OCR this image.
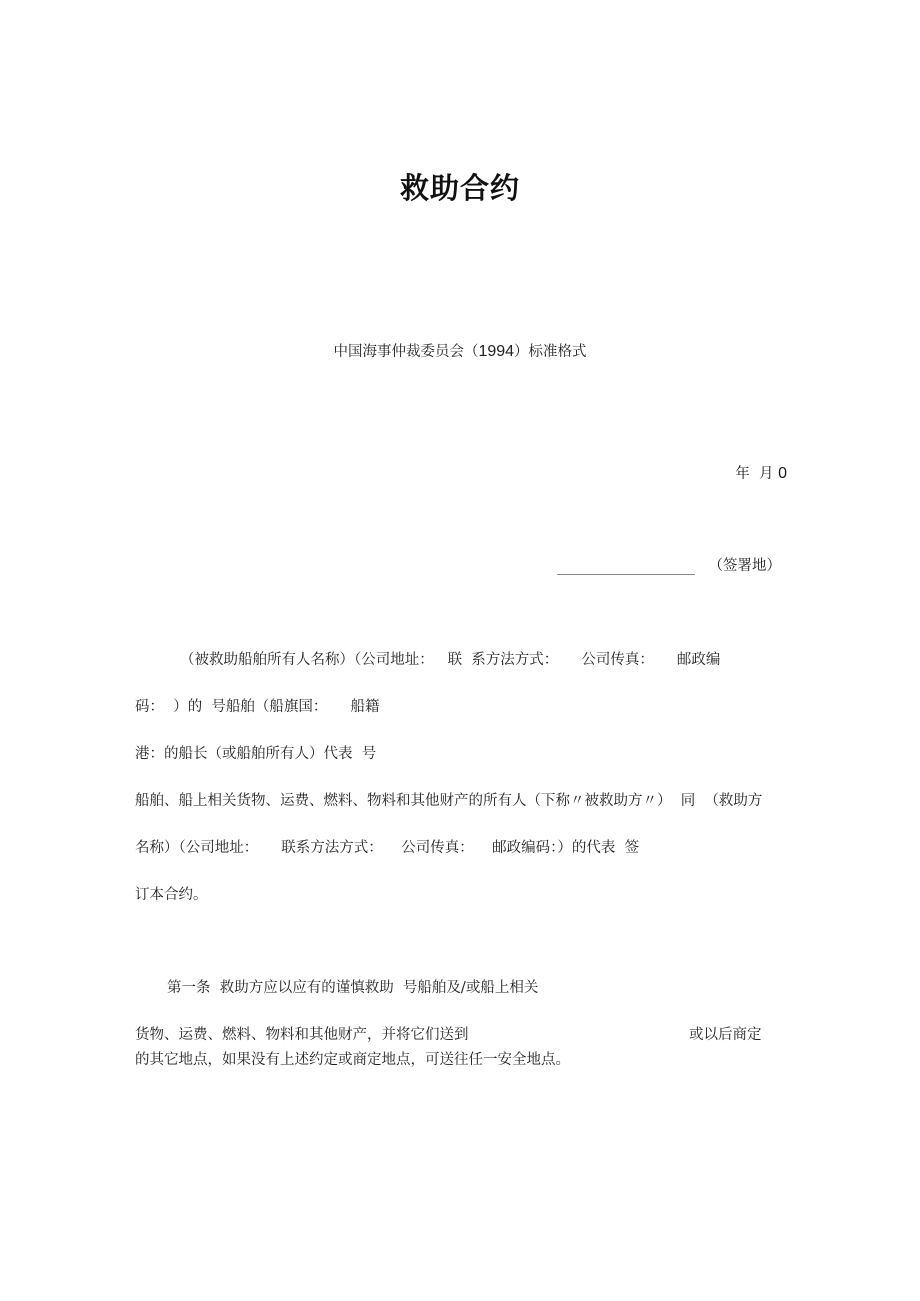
救助合约
中国海事仲裁委员会（1994）标准格式
年  月 0
（签署地）
（被救助船舶所有人名称）（公司地址：   联  系方法方式：     公司传真：     邮政编
码：  ）的  号船舶（船旗国：     船籍
港：的船长（或船舶所有人）代表  号
船舶、船上相关货物、运费、燃料、物料和其他财产的所有人（下称〃被救助方〃）  同  （救助方
名称）（公司地址：     联系方法方式：    公司传真：    邮政编码：）的代表  签
订本合约。
第一条  救助方应以应有的谨慎救助  号船舶及/或船上相关
货物、运费、燃料、物料和其他财产，并将它们送到	或以后商定
的其它地点，如果没有上述约定或商定地点，可送往任一安全地点。
